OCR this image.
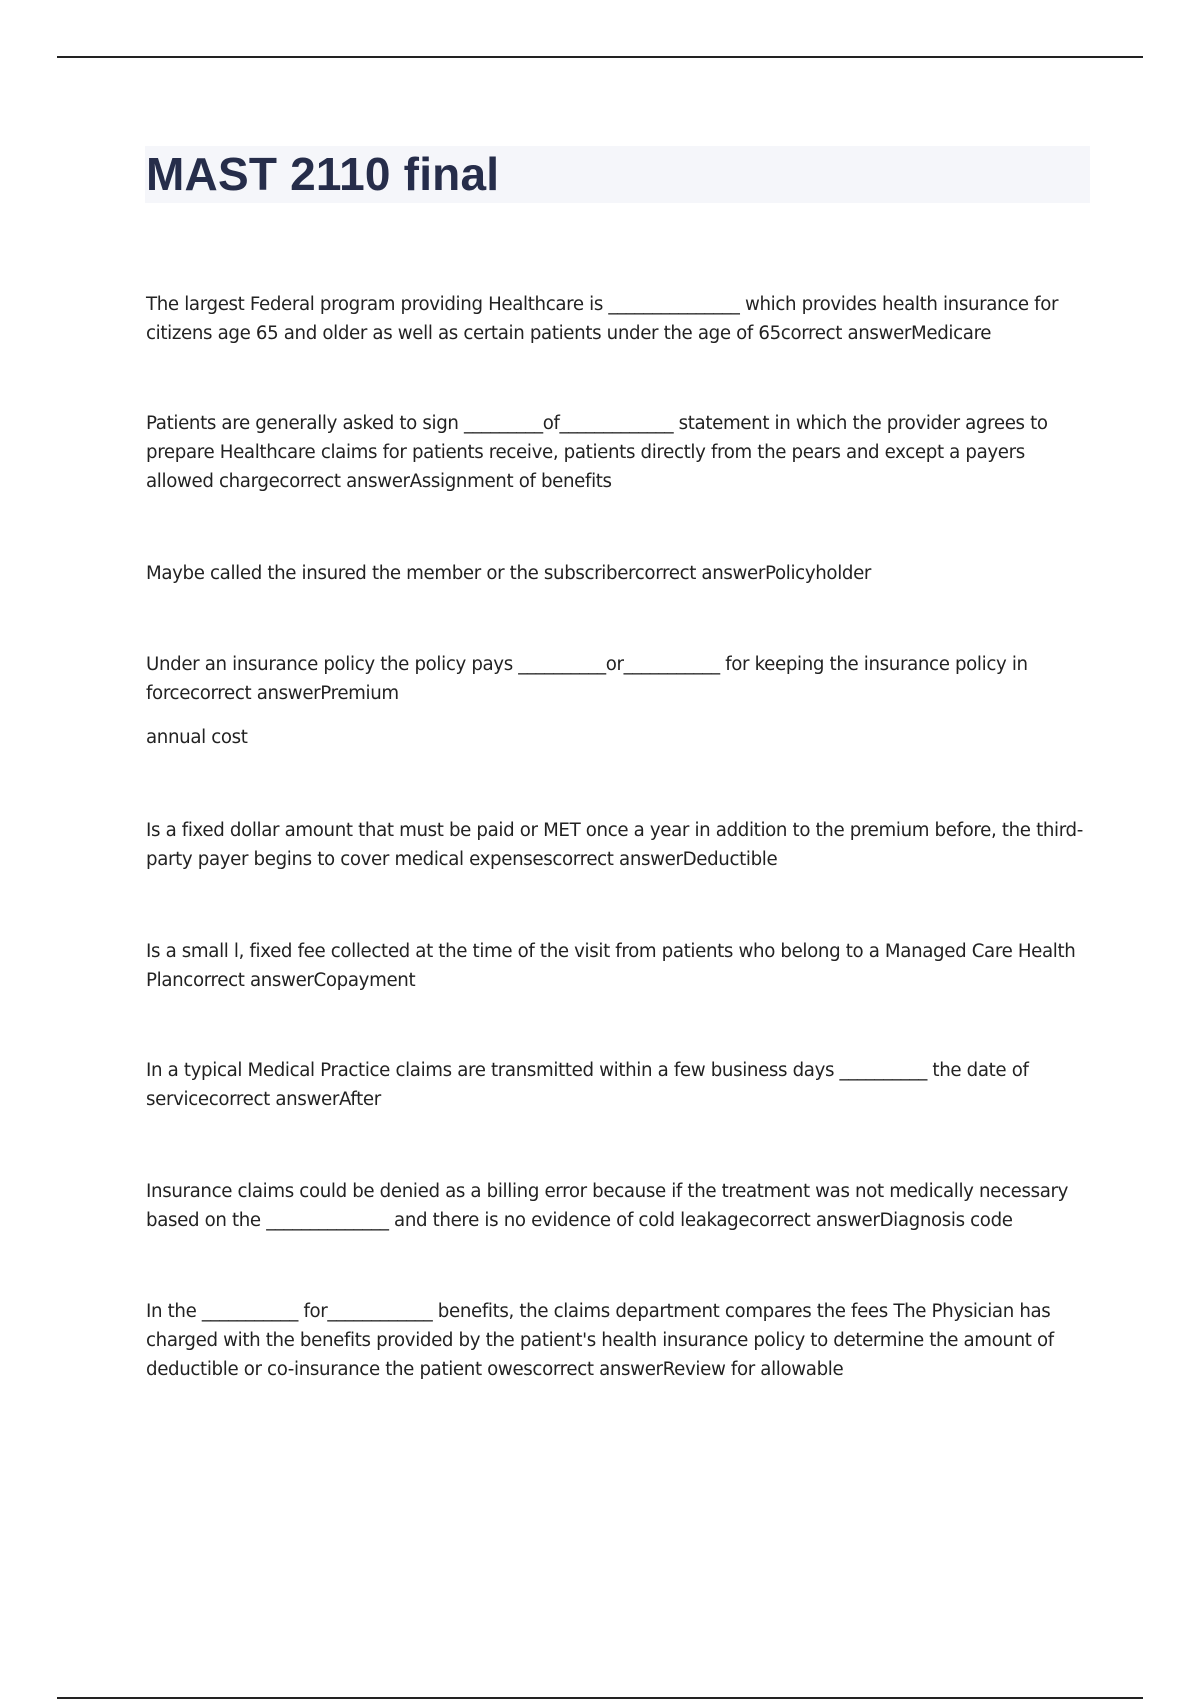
MAST 2110 final

The largest Federal program providing Healthcare is _______________ which provides health insurance for citizens age 65 and older as well as certain patients under the age of 65correct answerMedicare

Patients are generally asked to sign _________of_____________ statement in which the provider agrees to prepare Healthcare claims for patients receive, patients directly from the pears and except a payers allowed chargecorrect answerAssignment of benefits

Maybe called the insured the member or the subscribercorrect answerPolicyholder

Under an insurance policy the policy pays __________or___________ for keeping the insurance policy in forcecorrect answerPremium

annual cost

Is a fixed dollar amount that must be paid or MET once a year in addition to the premium before, the third-party payer begins to cover medical expensescorrect answerDeductible

Is a small l, fixed fee collected at the time of the visit from patients who belong to a Managed Care Health Plancorrect answerCopayment

In a typical Medical Practice claims are transmitted within a few business days __________ the date of servicecorrect answerAfter

Insurance claims could be denied as a billing error because if the treatment was not medically necessary based on the ______________ and there is no evidence of cold leakagecorrect answerDiagnosis code

In the ___________ for____________ benefits, the claims department compares the fees The Physician has charged with the benefits provided by the patient's health insurance policy to determine the amount of deductible or co-insurance the patient owescorrect answerReview for allowable
